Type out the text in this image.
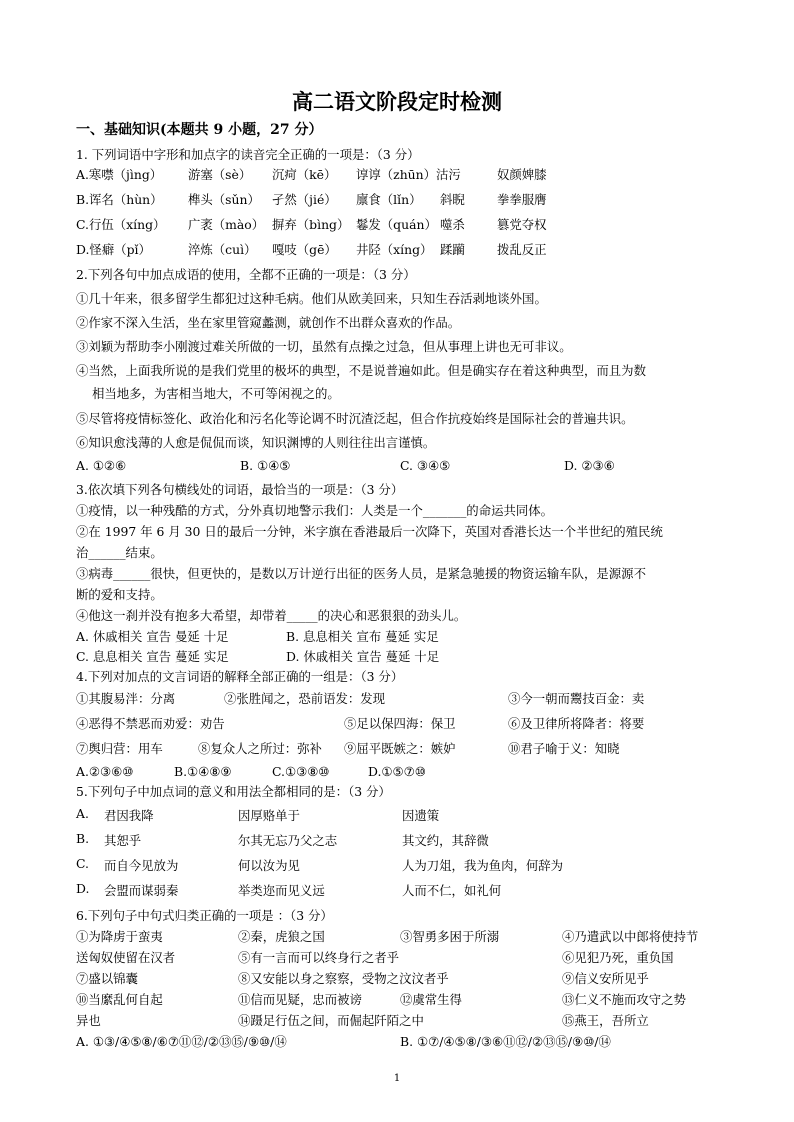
高二语文阶段定时检测
一、基础知识(本题共 9 小题，27 分）
1. 下列词语中字形和加点字的读音完全正确的一项是：（3 分）
A.寒噤（jìng） 游塞（sè） 沉疴（kē） 谆谆（zhūn）沽污	奴颜婢膝
B.诨名（hùn） 榫头（sǔn） 孑然（jié） 廪食（lǐn） 斜睨	拳拳服膺
C.行伍（xíng） 广袤（mào） 摒弃（bìng） 鬈发（quán） 噬杀	篡党夺权
D.怪癖（pǐ）	淬炼（cuì） 嘎吱（gē） 井陉（xíng） 蹂躏	拨乱反正
2.下列各句中加点成语的使用，全都不正确的一项是：（3 分）
①几十年来，很多留学生都犯过这种毛病。他们从欧美回来，只知生吞活剥地谈外国。
②作家不深入生活，坐在家里管窥蠡测，就创作不出群众喜欢的作品。
③刘颖为帮助李小刚渡过难关所做的一切，虽然有点操之过急，但从事理上讲也无可非议。
④当然，上面我所说的是我们党里的极坏的典型，不是说普遍如此。但是确实存在着这种典型，而且为数
相当地多，为害相当地大，不可等闲视之的。
⑤尽管将疫情标签化、政治化和污名化等论调不时沉渣泛起，但合作抗疫始终是国际社会的普遍共识。
⑥知识愈浅薄的人愈是侃侃而谈，知识渊博的人则往往出言谨慎。
A. ①②⑥	B. ①④⑤	C. ③④⑤	D. ②③⑥
3.依次填下列各句横线处的词语，最恰当的一项是：（3 分）
①疫情，以一种残酷的方式，分外真切地警示我们：人类是一个_______的命运共同体。
②在 1997 年 6 月 30 日的最后一分钟，米字旗在香港最后一次降下，英国对香港长达一个半世纪的殖民统
治______结束。
③病毒______很快，但更快的，是数以万计逆行出征的医务人员，是紧急驰援的物资运输车队，是源源不
断的爱和支持。
④他这一刹并没有抱多大希望，却带着_____的决心和恶狠狠的劲头儿。
A. 休戚相关 宣告 曼延 十足	B. 息息相关 宣布 蔓延 实足
C. 息息相关 宣告 蔓延 实足	D. 休戚相关 宣告 蔓延 十足
4.下列对加点的文言词语的解释全部正确的一组是：（3 分）
①其腹易泮：分离	②张胜闻之，恐前语发：发现	③今一朝而鬻技百金：卖
④恶得不禁恶而劝爱：劝告	⑤足以保四海：保卫	⑥及卫律所将降者：将要
⑦舆归营：用车	⑧复众人之所过：弥补 ⑨屈平既嫉之：嫉妒	⑩君子喻于义：知晓
A.②③⑥⑩	B.①④⑧⑨	C.①③⑧⑩	D.①⑤⑦⑩
5.下列句子中加点词的意义和用法全都相同的是：（3 分）
A. 君因我降	因厚赂单于	因遗策
B. 其恕乎	尔其无忘乃父之志	其文约，其辞微
C. 而自今见放为	何以汝为见	人为刀俎，我为鱼肉，何辞为
D. 会盟而谋弱秦	举类迩而见义远	人而不仁，如礼何
6.下列句子中句式归类正确的一项是 ：（3 分）
①为降虏于蛮夷	②秦，虎狼之国	③智勇多困于所溺	④乃遣武以中郎将使持节
送匈奴使留在汉者	⑤有一言而可以终身行之者乎	⑥见犯乃死，重负国
⑦盛以锦囊	⑧又安能以身之察察，受物之汶汶者乎	⑨信义安所见乎
⑩当縻乱何自起	⑪信而见疑，忠而被谤	⑫虞常生得	⑬仁义不施而攻守之势
异也	⑭蹑足行伍之间，而倔起阡陌之中	⑮燕王，吾所立
A. ①③/④⑤⑧/⑥⑦⑪⑫/②⑬⑮/⑨⑩/⑭	B. ①⑦/④⑤⑧/③⑥⑪⑫/②⑬⑮/⑨⑩/⑭
1
